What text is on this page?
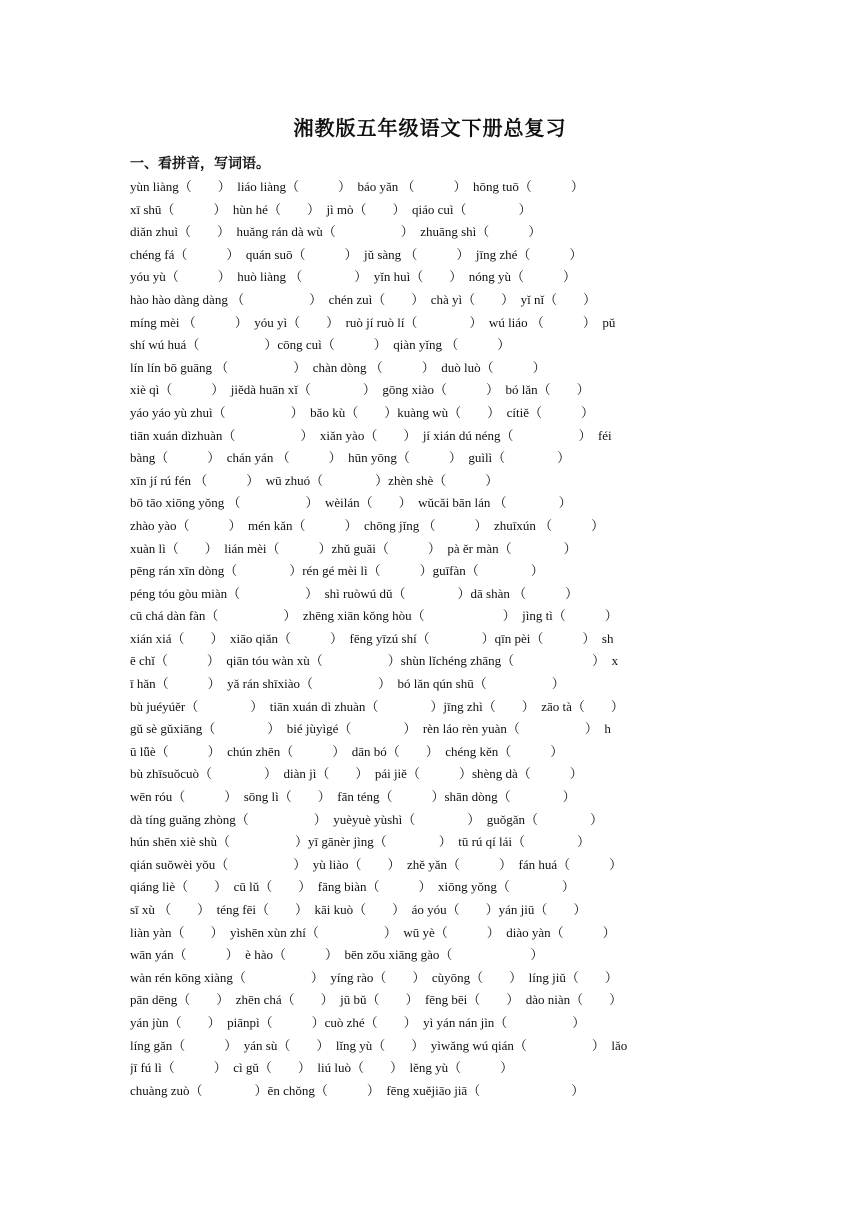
湘教版五年级语文下册总复习
一、看拼音，写词语。
yùn liàng（　　）　liáo liàng（　　　）　báo yǎn （　　　）　hōng tuō（　　　）
xī shū（　　　）　hùn hé（　　）　jì mò（　　）　qiáo cuì（　　　　）
diǎn zhuì（　　）　huǎng rán dà wù（　　　　　）　zhuāng shì（　　　）
chéng fá（　　　）　quán suō（　　　）　jǔ sàng （　　　）　jīng zhé（　　　）
yóu yù（　　　）　huò liàng （　　　　）　yǐn huì（　　）　nóng yù（　　　）
hào hào dàng dàng （　　　　　）　chén zuì（　　）　chà yì（　　）　yǐ nǐ（　　）
míng mèi （　　　）　yóu yì（　　）　ruò jí ruò lí（　　　　）　wú liáo （　　　）　pǔ
shí wú huá（　　　　　）cōng cuì（　　　）　qiàn yǐng （　　　）
lín lín bō guāng （　　　　　）　chàn dòng （　　　）　duò luò（　　　）
xiè qì（　　　）　jiědà huān xǐ（　　　　）　gōng xiào（　　　）　bó lǎn（　　）
yáo yáo yù zhuì（　　　　　）　bǎo kù（　　）kuàng wù（　　）　cítiě（　　　）
tiān xuán dìzhuàn（　　　　　）　xiǎn yào（　　）　jí xián dú néng（　　　　　）　féi
bàng（　　　）　chán yán （　　　）　hūn yōng（　　　）　guìlì（　　　　）
xīn jí rú fén （　　　）　wū zhuó（　　　　）zhèn shè（　　　）
bō tāo xiōng yǒng （　　　　　）　wèilán（　　）　wǔcǎi bān lán （　　　　）
zhào yào（　　　）　mén kǎn（　　　）　chōng jǐng （　　　）　zhuīxún （　　　）
xuàn lì（　　）　lián mèi（　　　）zhǔ guǎi（　　　）　pà ěr màn（　　　　）
pēng rán xīn dòng（　　　　）rén gé mèi lì（　　　）guīfàn（　　　　）
péng tóu gòu miàn（　　　　　）　shì ruòwú dǔ（　　　　）dā shàn （　　　）
cū chá dàn fàn（　　　　　）　zhēng xiān kǒng hòu（　　　　　　）　jìng tì（　　　）
xián xiá（　　）　xiāo qiǎn（　　　）　fēng yīzú shí（　　　　）qīn pèi（　　　）　sh
ē chǐ（　　　）　qiān tóu wàn xù（　　　　　）shùn lǐchéng zhāng（　　　　　　）　x
ī hǎn（　　　）　yǎ rán shīxiào（　　　　　）　bó lǎn qún shū（　　　　　）
bù juéyúěr（　　　　）　tiān xuán dì zhuàn（　　　　）jīng zhì（　　）　zāo tà（　　）
gǔ sè gǔxiāng（　　　　）　bié jùyìgé（　　　　）　rèn láo rèn yuàn（　　　　　）　h
ū lǖè（　　　）　chún zhēn（　　　）　dān bó（　　）　chéng kěn（　　　）
bù zhīsuǒcuò（　　　　）　diàn jì（　　）　pái jiě（　　　）shèng dà（　　　）
wēn róu（　　　）　sōng lì（　　）　fān téng（　　　）shān dòng（　　　　）
dà tíng guǎng zhòng（　　　　　）　yuèyuè yùshì（　　　　）　guǒgǎn（　　　　）
hún shēn xiè shù（　　　　　）yī gānèr jìng（　　　　）　tū rú qí lái（　　　　）
qián suǒwèi yǒu（　　　　　）　yù liào（　　）　zhě yǎn（　　　）　fán huá（　　　）
qiáng liè（　　）　cū lǔ（　　）　fāng biàn（　　　）　xiōng yǒng（　　　　）
sī xù （　　）　téng fēi（　　）　kāi kuò（　　）　áo yóu（　　）yán jiū（　　）
liàn yàn（　　）　yìshēn xùn zhí（　　　　　）　wū yè（　　　）　diào yàn（　　　）
wān yán（　　　）　è hào（　　　）　bēn zǒu xiāng gào（　　　　　　）
wàn rén kōng xiàng（　　　　　）　yíng rào（　　）　cùyōng（　　）　líng jiǔ（　　）
pān dēng（　　）　zhēn chá（　　）　jū bǔ（　　）　fēng bēi（　　）　dào niàn（　　）
yán jùn（　　）　piānpì（　　　）cuò zhé（　　）　yì yán nán jìn（　　　　　）
líng gǎn（　　　）　yán sù（　　）　lǐng yù（　　）　yìwǎng wú qián（　　　　　）　lǎo
jī fú lì（　　　）　cì gǔ（　　）　liú luò（　　）　lěng yù（　　　）
chuàng zuò（　　　　）ēn chǒng（　　　）　fēng xuějiāo jiā（　　　　　　　）
